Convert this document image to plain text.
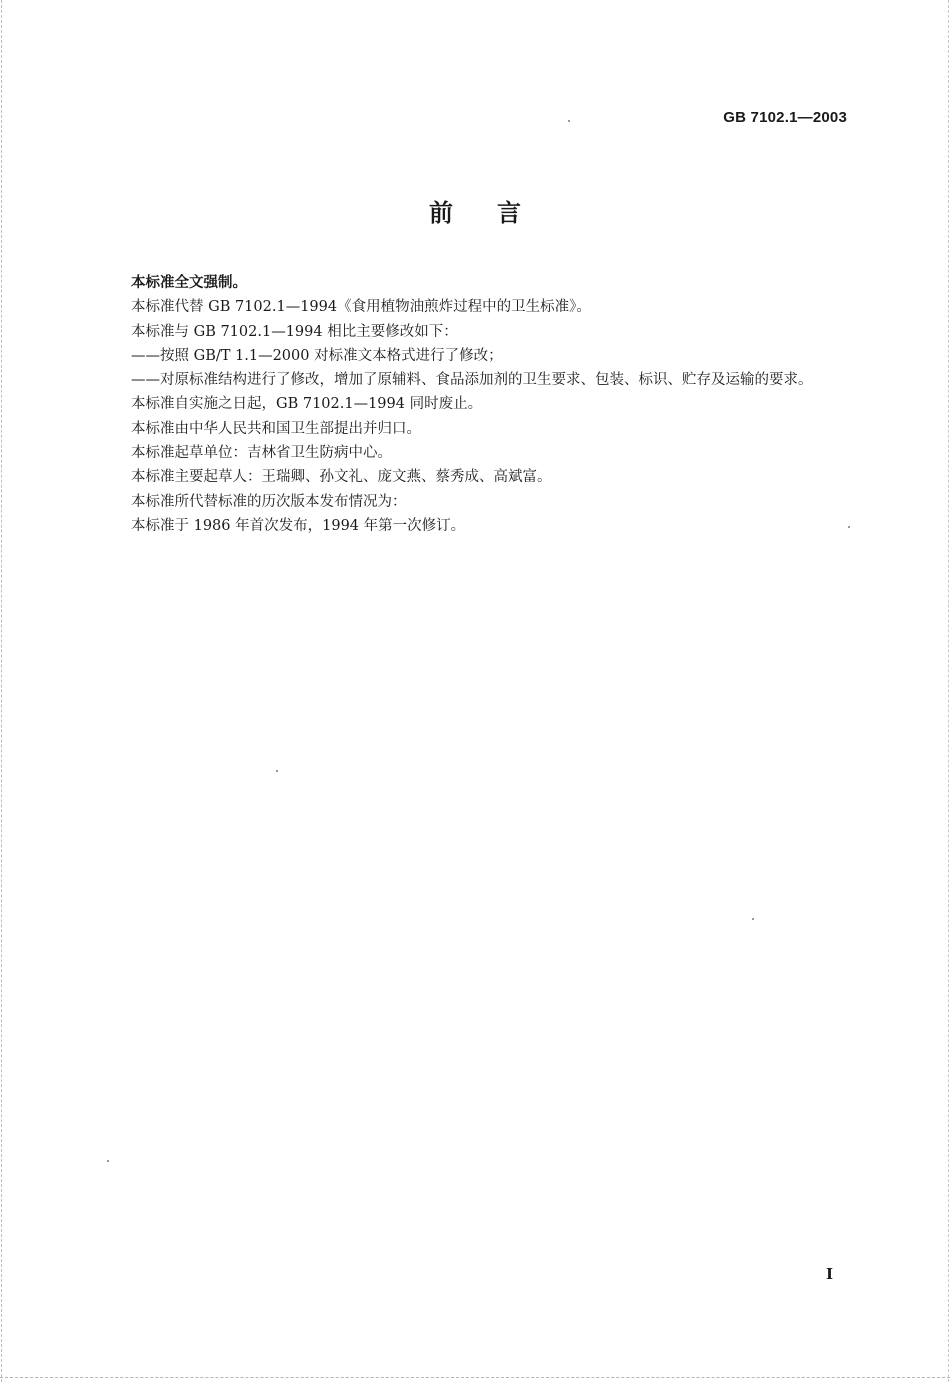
GB 7102.1—2003
前言

本标准全文强制。

本标准代替 GB 7102.1—1994《食用植物油煎炸过程中的卫生标准》。

本标准与 GB 7102.1—1994 相比主要修改如下：

——按照 GB/T 1.1—2000 对标准文本格式进行了修改；

——对原标准结构进行了修改，增加了原辅料、食品添加剂的卫生要求、包装、标识、贮存及运输的要求。

本标准自实施之日起，GB 7102.1—1994 同时废止。

本标准由中华人民共和国卫生部提出并归口。

本标准起草单位：吉林省卫生防病中心。

本标准主要起草人：王瑞卿、孙文礼、庞文燕、蔡秀成、高斌富。

本标准所代替标准的历次版本发布情况为：

本标准于 1986 年首次发布，1994 年第一次修订。

I
